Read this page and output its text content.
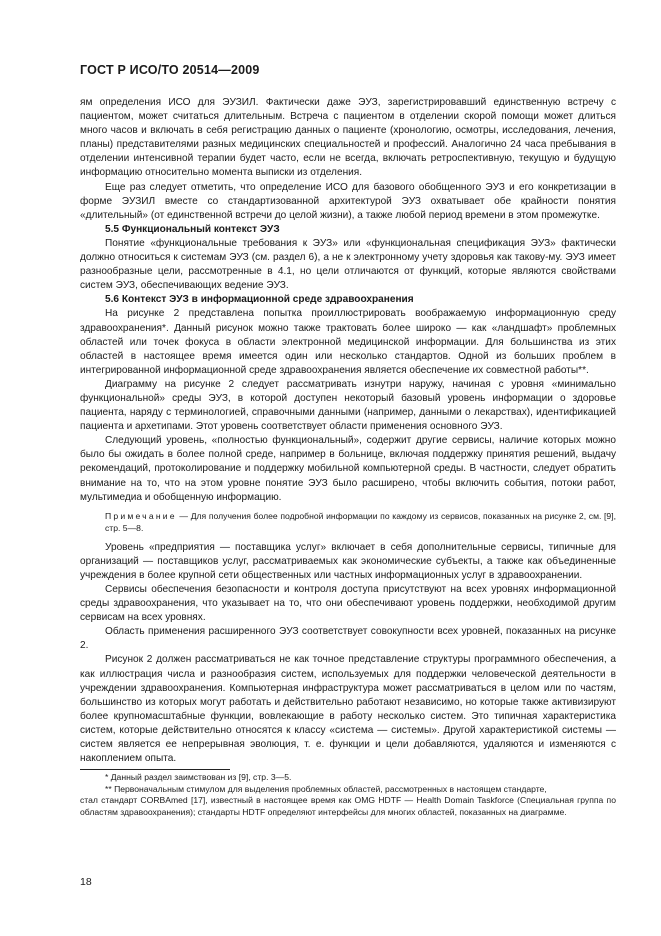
ГОСТ Р ИСО/ТО 20514—2009

ям определения ИСО для ЭУЗИЛ. Фактически даже ЭУЗ, зарегистрировавший единственную встречу с пациентом, может считаться длительным. Встреча с пациентом в отделении скорой помощи может длиться много часов и включать в себя регистрацию данных о пациенте (хронологию, осмотры, исследования, лечения, планы) представителями разных медицинских специальностей и профессий. Аналогично 24 часа пребывания в отделении интенсивной терапии будет часто, если не всегда, включать ретроспективную, текущую и будущую информацию относительно момента выписки из отделения.

Еще раз следует отметить, что определение ИСО для базового обобщенного ЭУЗ и его конкретизации в форме ЭУЗИЛ вместе со стандартизованной архитектурой ЭУЗ охватывает обе крайности понятия «длительный» (от единственной встречи до целой жизни), а также любой период времени в этом промежутке.

5.5 Функциональный контекст ЭУЗ

Понятие «функциональные требования к ЭУЗ» или «функциональная спецификация ЭУЗ» фактически должно относиться к системам ЭУЗ (см. раздел 6), а не к электронному учету здоровья как такову-му. ЭУЗ имеет разнообразные цели, рассмотренные в 4.1, но цели отличаются от функций, которые являются свойствами систем ЭУЗ, обеспечивающих ведение ЭУЗ.

5.6 Контекст ЭУЗ в информационной среде здравоохранения

На рисунке 2 представлена попытка проиллюстрировать воображаемую информационную среду здравоохранения*. Данный рисунок можно также трактовать более широко — как «ландшафт» проблемных областей или точек фокуса в области электронной медицинской информации. Для большинства из этих областей в настоящее время имеется один или несколько стандартов. Одной из больших проблем в интегрированной информационной среде здравоохранения является обеспечение их совместной работы**.

Диаграмму на рисунке 2 следует рассматривать изнутри наружу, начиная с уровня «минимально функциональной» среды ЭУЗ, в которой доступен некоторый базовый уровень информации о здоровье пациента, наряду с терминологией, справочными данными (например, данными о лекарствах), идентификацией пациента и архетипами. Этот уровень соответствует области применения основного ЭУЗ.

Следующий уровень, «полностью функциональный», содержит другие сервисы, наличие которых можно было бы ожидать в более полной среде, например в больнице, включая поддержку принятия решений, выдачу рекомендаций, протоколирование и поддержку мобильной компьютерной среды. В частности, следует обратить внимание на то, что на этом уровне понятие ЭУЗ было расширено, чтобы включить события, потоки работ, мультимедиа и обобщенную информацию.

Примечание — Для получения более подробной информации по каждому из сервисов, показанных на рисунке 2, см. [9], стр. 5—8.

Уровень «предприятия — поставщика услуг» включает в себя дополнительные сервисы, типичные для организаций — поставщиков услуг, рассматриваемых как экономические субъекты, а также как объединенные учреждения в более крупной сети общественных или частных информационных услуг в здравоохранении.

Сервисы обеспечения безопасности и контроля доступа присутствуют на всех уровнях информационной среды здравоохранения, что указывает на то, что они обеспечивают уровень поддержки, необходимой другим сервисам на всех уровнях.

Область применения расширенного ЭУЗ соответствует совокупности всех уровней, показанных на рисунке 2.

Рисунок 2 должен рассматриваться не как точное представление структуры программного обеспечения, а как иллюстрация числа и разнообразия систем, используемых для поддержки человеческой деятельности в учреждении здравоохранения. Компьютерная инфраструктура может рассматриваться в целом или по частям, большинство из которых могут работать и действительно работают независимо, но которые также активизируют более крупномасштабные функции, вовлекающие в работу несколько систем. Это типичная характеристика систем, которые действительно относятся к классу «система — системы». Другой характеристикой системы — систем является ее непрерывная эволюция, т. е. функции и цели добавляются, удаляются и изменяются с накоплением опыта.

* Данный раздел заимствован из [9], стр. 3—5.

** Первоначальным стимулом для выделения проблемных областей, рассмотренных в настоящем стандарте,

стал стандарт CORBAmed [17], известный в настоящее время как OMG HDTF — Health Domain Taskforce (Специальная группа по областям здравоохранения); стандарты HDTF определяют интерфейсы для многих областей, показанных на диаграмме.

18
